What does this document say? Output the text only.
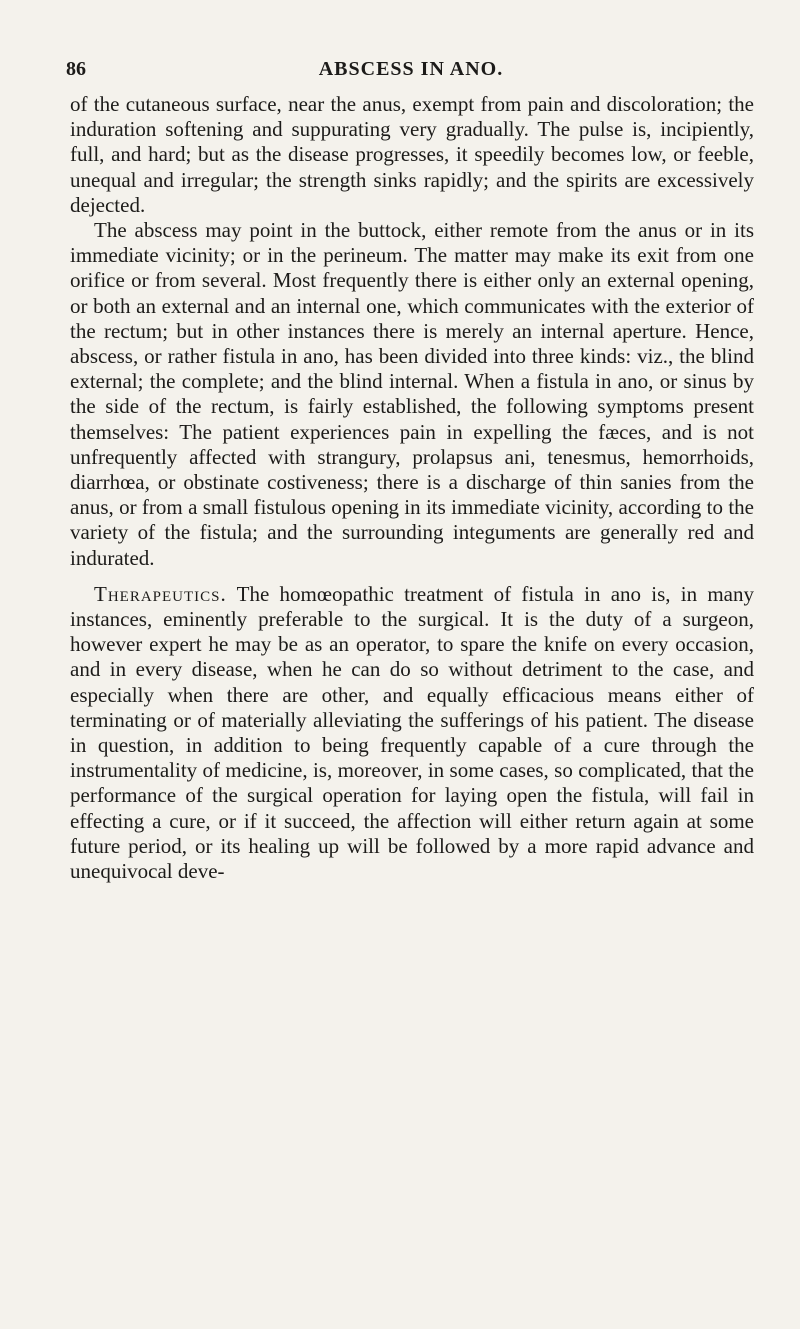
86	ABSCESS IN ANO.

of the cutaneous surface, near the anus, exempt from pain and discoloration; the induration softening and suppurating very gradually. The pulse is, incipiently, full, and hard; but as the disease progresses, it speedily becomes low, or feeble, unequal and irregular; the strength sinks rapidly; and the spirits are excessively dejected.

The abscess may point in the buttock, either remote from the anus or in its immediate vicinity; or in the perineum. The matter may make its exit from one orifice or from several. Most frequently there is either only an external opening, or both an external and an internal one, which communicates with the exterior of the rectum; but in other instances there is merely an internal aperture. Hence, abscess, or rather fistula in ano, has been divided into three kinds: viz., the blind external; the complete; and the blind internal. When a fistula in ano, or sinus by the side of the rectum, is fairly established, the following symptoms present themselves: The patient experiences pain in expelling the fæces, and is not unfrequently affected with strangury, prolapsus ani, tenesmus, hemorrhoids, diarrhœa, or obstinate costiveness; there is a discharge of thin sanies from the anus, or from a small fistulous opening in its immediate vicinity, according to the variety of the fistula; and the surrounding integuments are generally red and indurated.

Therapeutics. The homœopathic treatment of fistula in ano is, in many instances, eminently preferable to the surgical. It is the duty of a surgeon, however expert he may be as an operator, to spare the knife on every occasion, and in every disease, when he can do so without detriment to the case, and especially when there are other, and equally efficacious means either of terminating or of materially alleviating the sufferings of his patient. The disease in question, in addition to being frequently capable of a cure through the instrumentality of medicine, is, moreover, in some cases, so complicated, that the performance of the surgical operation for laying open the fistula, will fail in effecting a cure, or if it succeed, the affection will either return again at some future period, or its healing up will be followed by a more rapid advance and unequivocal deve-
